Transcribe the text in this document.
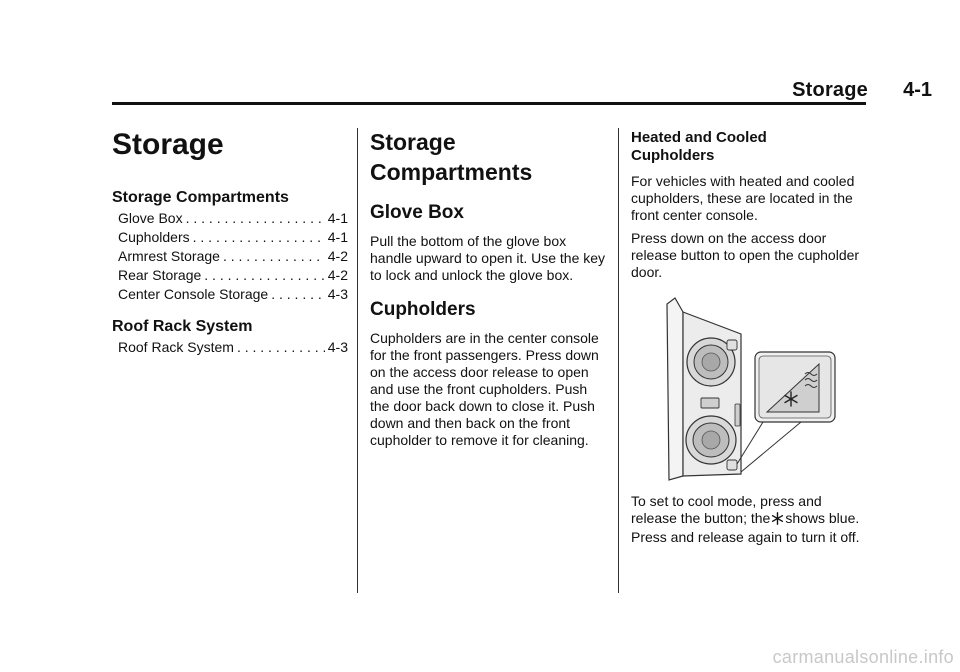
Storage 4-1
Storage
Storage Compartments
Glove Box . . .	4-1
Cupholders . . .	4-1
Armrest Storage . . .	4-2
Rear Storage . . .	4-2
Center Console Storage . . .	4-3
Roof Rack System
Roof Rack System . . .	4-3
Storage
Compartments
Glove Box

Pull the bottom of the glove box handle upward to open it. Use the key to lock and unlock the glove box.

Cupholders

Cupholders are in the center console for the front passengers. Press down on the access door release to open and use the front cupholders. Push the door back down to close it. Push down and then back on the front cupholder to remove it for cleaning.

Heated and Cooled
Cupholders

For vehicles with heated and cooled cupholders, these are located in the front center console.

Press down on the access door release button to open the cupholder door.

To set to cool mode, press and release the button; the shows blue. Press and release again to turn it off.

carmanualsonline.info
